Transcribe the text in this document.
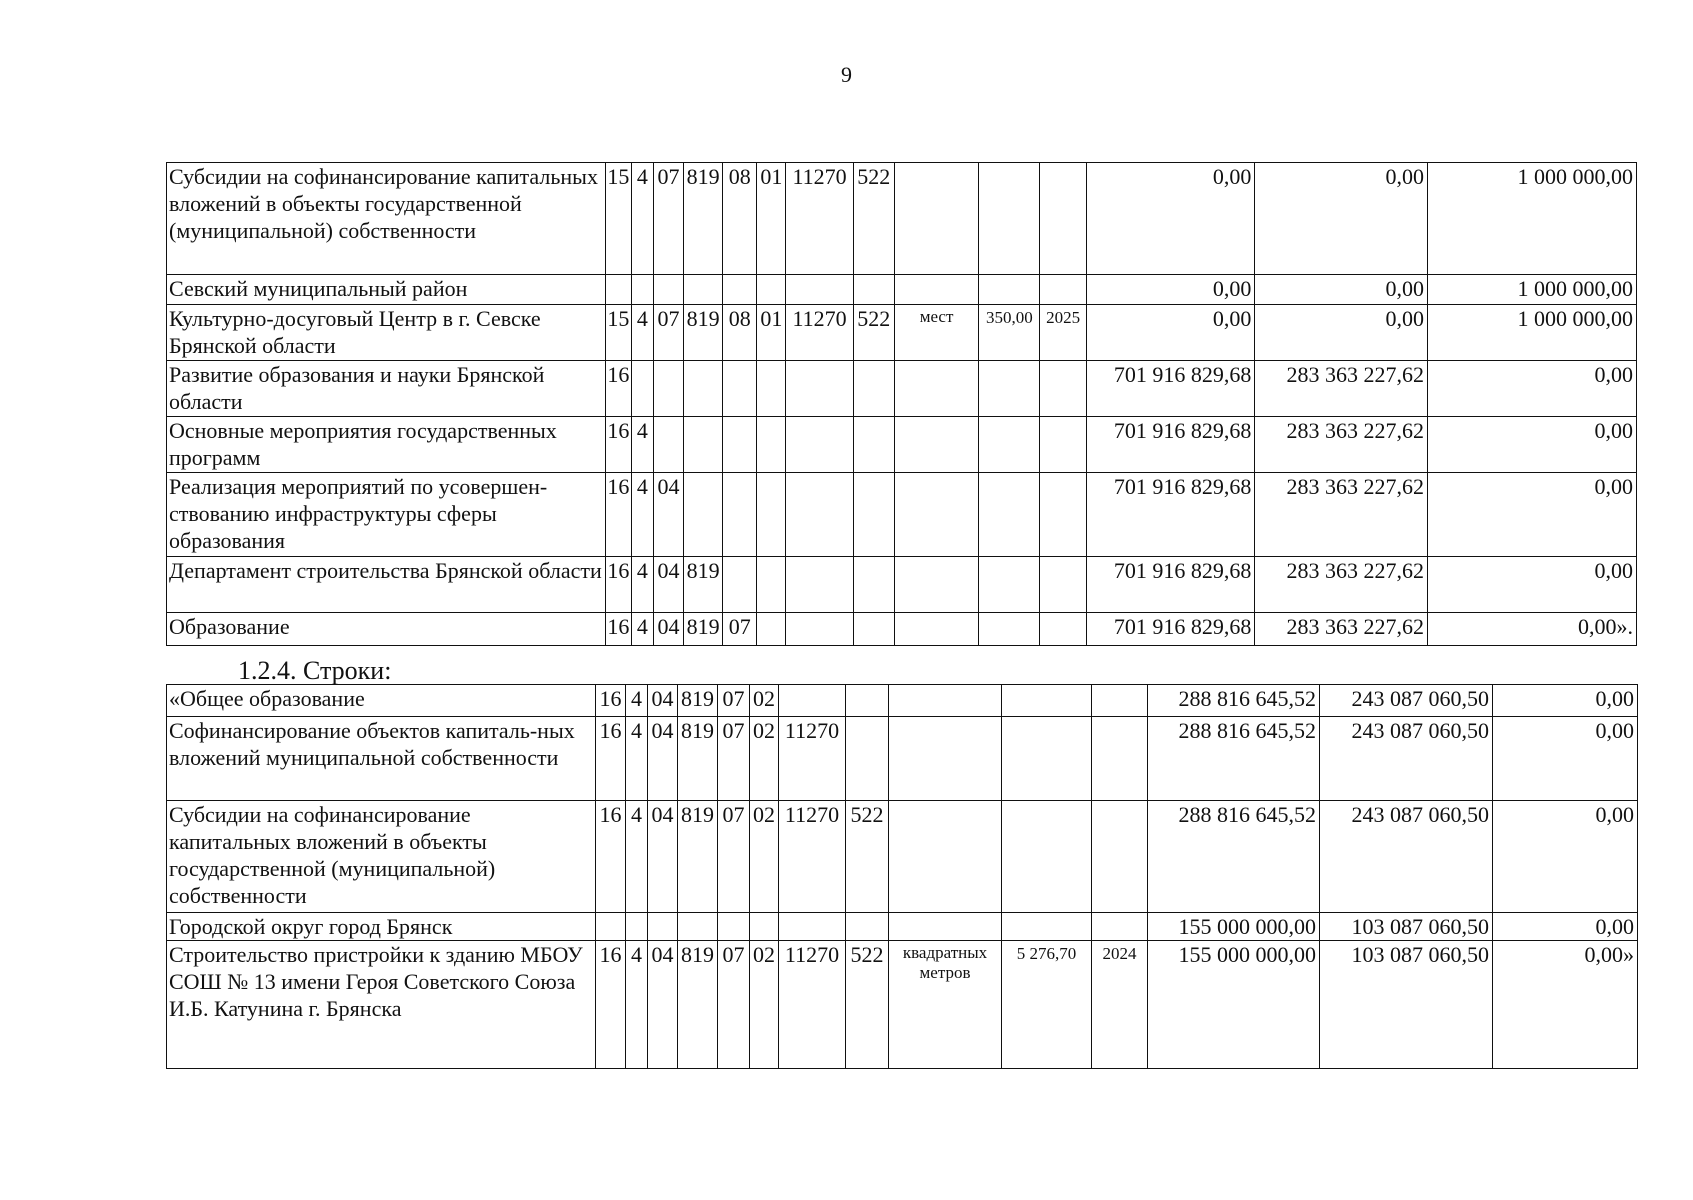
9
Субсидии на софинансирование капитальных вложений в объекты государственной (муниципальной) собственности	15	4	07	819	08	01	11270	522				0,00	0,00	1 000 000,00
Севский муниципальный район												0,00	0,00	1 000 000,00
Культурно-досуговый Центр в г. Севске Брянской области	15	4	07	819	08	01	11270	522	мест	350,00	2025	0,00	0,00	1 000 000,00
Развитие образования и науки Брянской области	16											701 916 829,68	283 363 227,62	0,00
Основные мероприятия государственных программ	16	4										701 916 829,68	283 363 227,62	0,00
Реализация мероприятий по усовершен-ствованию инфраструктуры сферы образования	16	4	04									701 916 829,68	283 363 227,62	0,00
Департамент строительства Брянской области	16	4	04	819								701 916 829,68	283 363 227,62	0,00
Образование	16	4	04	819	07							701 916 829,68	283 363 227,62	0,00».
1.2.4. Строки:
«Общее образование	16	4	04	819	07	02						288 816 645,52	243 087 060,50	0,00
Софинансирование объектов капиталь-ных вложений муниципальной собственности	16	4	04	819	07	02	11270					288 816 645,52	243 087 060,50	0,00
Субсидии на софинансирование капитальных вложений в объекты государственной (муниципальной) собственности	16	4	04	819	07	02	11270	522				288 816 645,52	243 087 060,50	0,00
Городской округ город Брянск												155 000 000,00	103 087 060,50	0,00
Строительство пристройки к зданию МБОУ СОШ № 13 имени Героя Советского Союза И.Б. Катунина г. Брянска	16	4	04	819	07	02	11270	522	квадратных метров	5 276,70	2024	155 000 000,00	103 087 060,50	0,00»
